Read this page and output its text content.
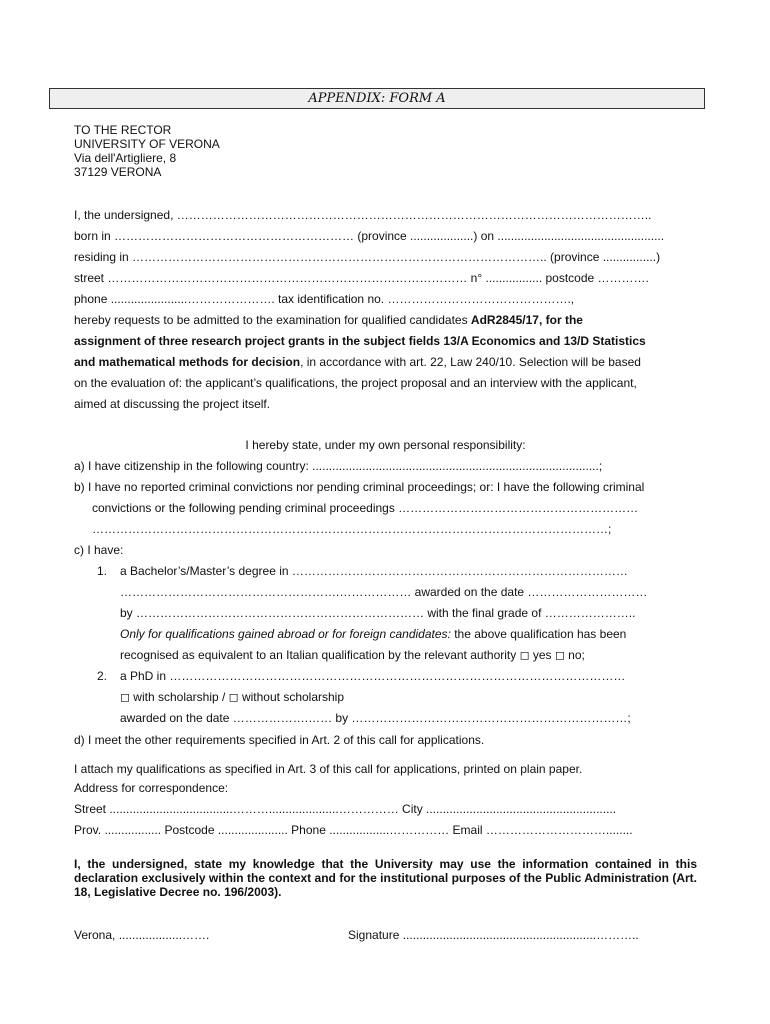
APPENDIX: FORM A
TO THE RECTOR
UNIVERSITY OF VERONA
Via dell'Artigliere, 8
37129 VERONA
I, the undersigned, ………………………………………………………………………………………………………..
born in …………………………………………………… (province ...................) on ..................................................
residing in ………………………………………………………………………………………….. (province ................)
street ……………………………………………………………………………… n° ................. postcode ………….
phone .......................…………………. tax identification no. ……………………………………….,
hereby requests to be admitted to the examination for qualified candidates AdR2845/17, for the
assignment of three research project grants in the subject fields 13/A Economics and 13/D Statistics
and mathematical methods for decision, in accordance with art. 22, Law 240/10. Selection will be based
on the evaluation of: the applicant’s qualifications, the project proposal and an interview with the applicant,
aimed at discussing the project itself.
I hereby state, under my own personal responsibility:
a) I have citizenship in the following country: ......................................................................................;
b) I have no reported criminal convictions nor pending criminal proceedings; or: I have the following criminal
convictions or the following pending criminal proceedings ……………………………………………………
…………………………………………………………………………………………………………………;
c) I have:
1. a Bachelor’s/Master’s degree in …………………………………………………………………………
……………………………………………….……………… awarded on the date …………………………
by ……………………………………………………………… with the final grade of …………………..
Only for qualifications gained abroad or for foreign candidates: the above qualification has been
recognised as equivalent to an Italian qualification by the relevant authority ◻ yes ◻ no;
2. a PhD in ……………………………………………………………………………………………………
◻ with scholarship / ◻ without scholarship
awarded on the date ……………….…… by ……………………………………………………………;
d) I meet the other requirements specified in Art. 2 of this call for applications.
I attach my qualifications as specified in Art. 3 of this call for applications, printed on plain paper.
Address for correspondence:
Street .....................................……….....................…………… City .........................................................
Prov. ................. Postcode ..................... Phone ..................…………… Email …………………………........
I, the undersigned, state my knowledge that the University may use the information contained in this declaration exclusively within the context and for the institutional purposes of the Public Administration (Art. 18, Legislative Decree no. 196/2003).
Verona, ...................…….	Signature ..........................................................………..
